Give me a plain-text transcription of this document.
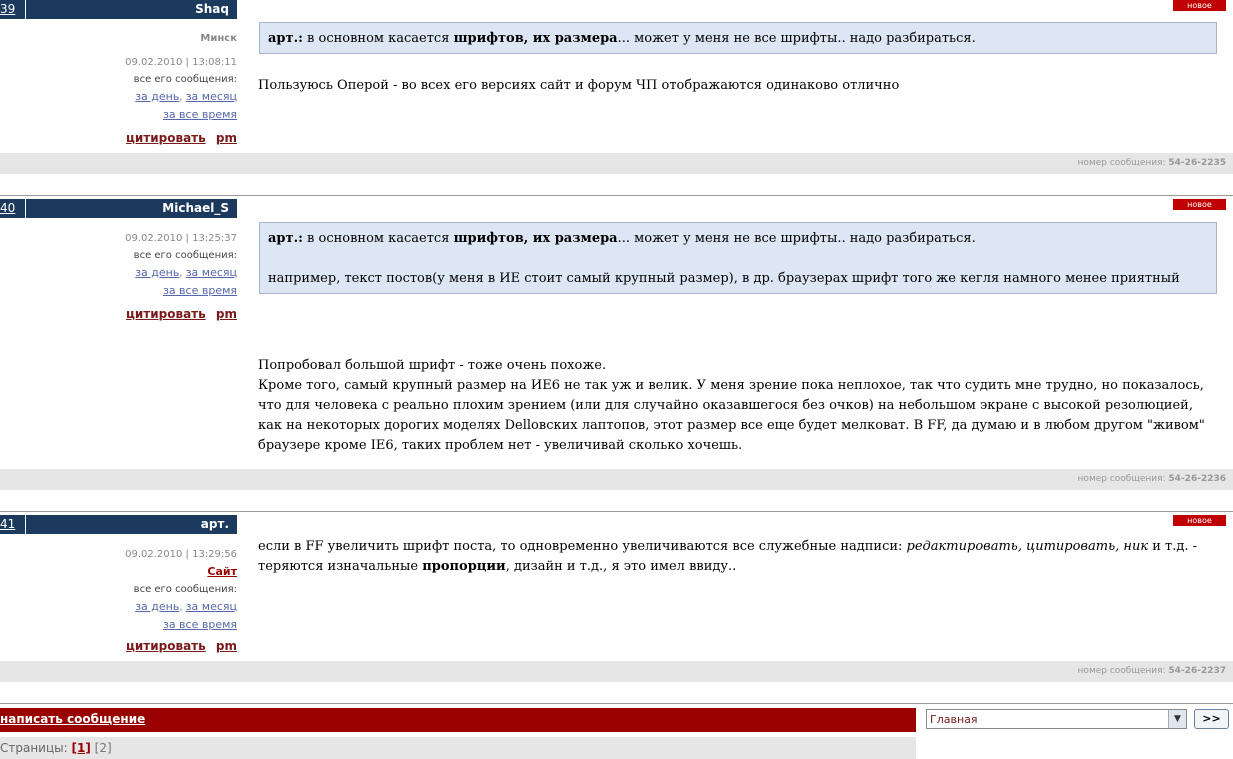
39	Shaq
Минск
09.02.2010 | 13:08:11
все его сообщения:
за день, за месяц
за все время
цитировать pm
новое

арт.: в основном касается шрифтов, их размера... может у меня не все шрифты.. надо разбираться.

Пользуюсь Оперой - во всех его версиях сайт и форум ЧП отображаются одинаково отлично
номер сообщения: 54-26-2235
40	Michael_S
09.02.2010 | 13:25:37
все его сообщения:
за день, за месяц
за все время
цитировать pm
новое

арт.: в основном касается шрифтов, их размера... может у меня не все шрифты.. надо разбираться.

например, текст постов(у меня в ИЕ стоит самый крупный размер), в др. браузерах шрифт того же кегля намного менее приятный

Попробовал большой шрифт - тоже очень похоже.
Кроме того, самый крупный размер на ИЕ6 не так уж и велик. У меня зрение пока неплохое, так что судить мне трудно, но показалось, что для человека с реально плохим зрением (или для случайно оказавшегося без очков) на небольшом экране с высокой резолюцией, как на некоторых дорогих моделях Dellовских лаптопов, этот размер все еще будет мелковат. В FF, да думаю и в любом другом "живом" браузере кроме IE6, таких проблем нет - увеличивай сколько хочешь.
номер сообщения: 54-26-2236
41	арт.
09.02.2010 | 13:29:56
Сайт
все его сообщения:
за день, за месяц
за все время
цитировать pm
новое
если в FF увеличить шрифт поста, то одновременно увеличиваются все служебные надписи: редактировать, цитировать, ник и т.д. - теряются изначальные пропорции, дизайн и т.д., я это имел ввиду..
номер сообщения: 54-26-2237
написать сообщение
Страницы: [1] [2]
Главная	▼	>>
